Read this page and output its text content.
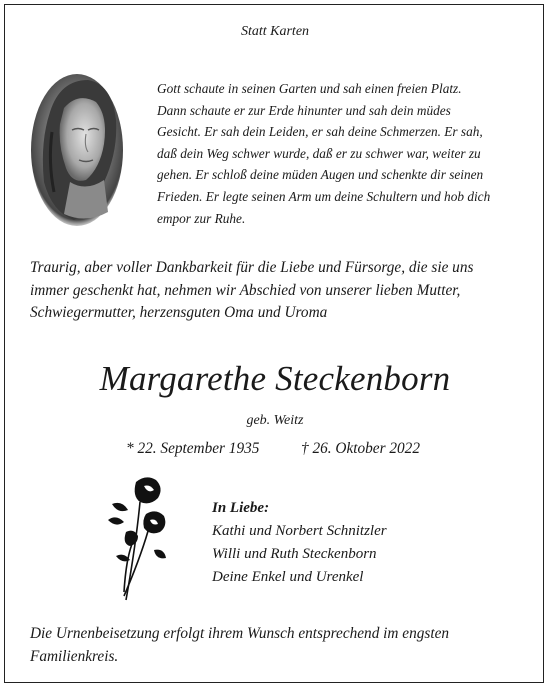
Statt Karten
Gott schaute in seinen Garten und sah einen freien Platz.
Dann schaute er zur Erde hinunter und sah dein müdes
Gesicht. Er sah dein Leiden, er sah deine Schmerzen. Er sah,
daß dein Weg schwer wurde, daß er zu schwer war, weiter zu
gehen. Er schloß deine müden Augen und schenkte dir seinen
Frieden. Er legte seinen Arm um deine Schultern und hob dich
empor zur Ruhe.
Traurig, aber voller Dankbarkeit für die Liebe und Fürsorge, die sie uns
immer geschenkt hat, nehmen wir Abschied von unserer lieben Mutter,
Schwiegermutter, herzensguten Oma und Uroma
Margarethe Steckenborn
geb. Weitz
* 22. September 1935	† 26. Oktober 2022
In Liebe:
Kathi und Norbert Schnitzler
Willi und Ruth Steckenborn
Deine Enkel und Urenkel
Die Urnenbeisetzung erfolgt ihrem Wunsch entsprechend im engsten
Familienkreis.
